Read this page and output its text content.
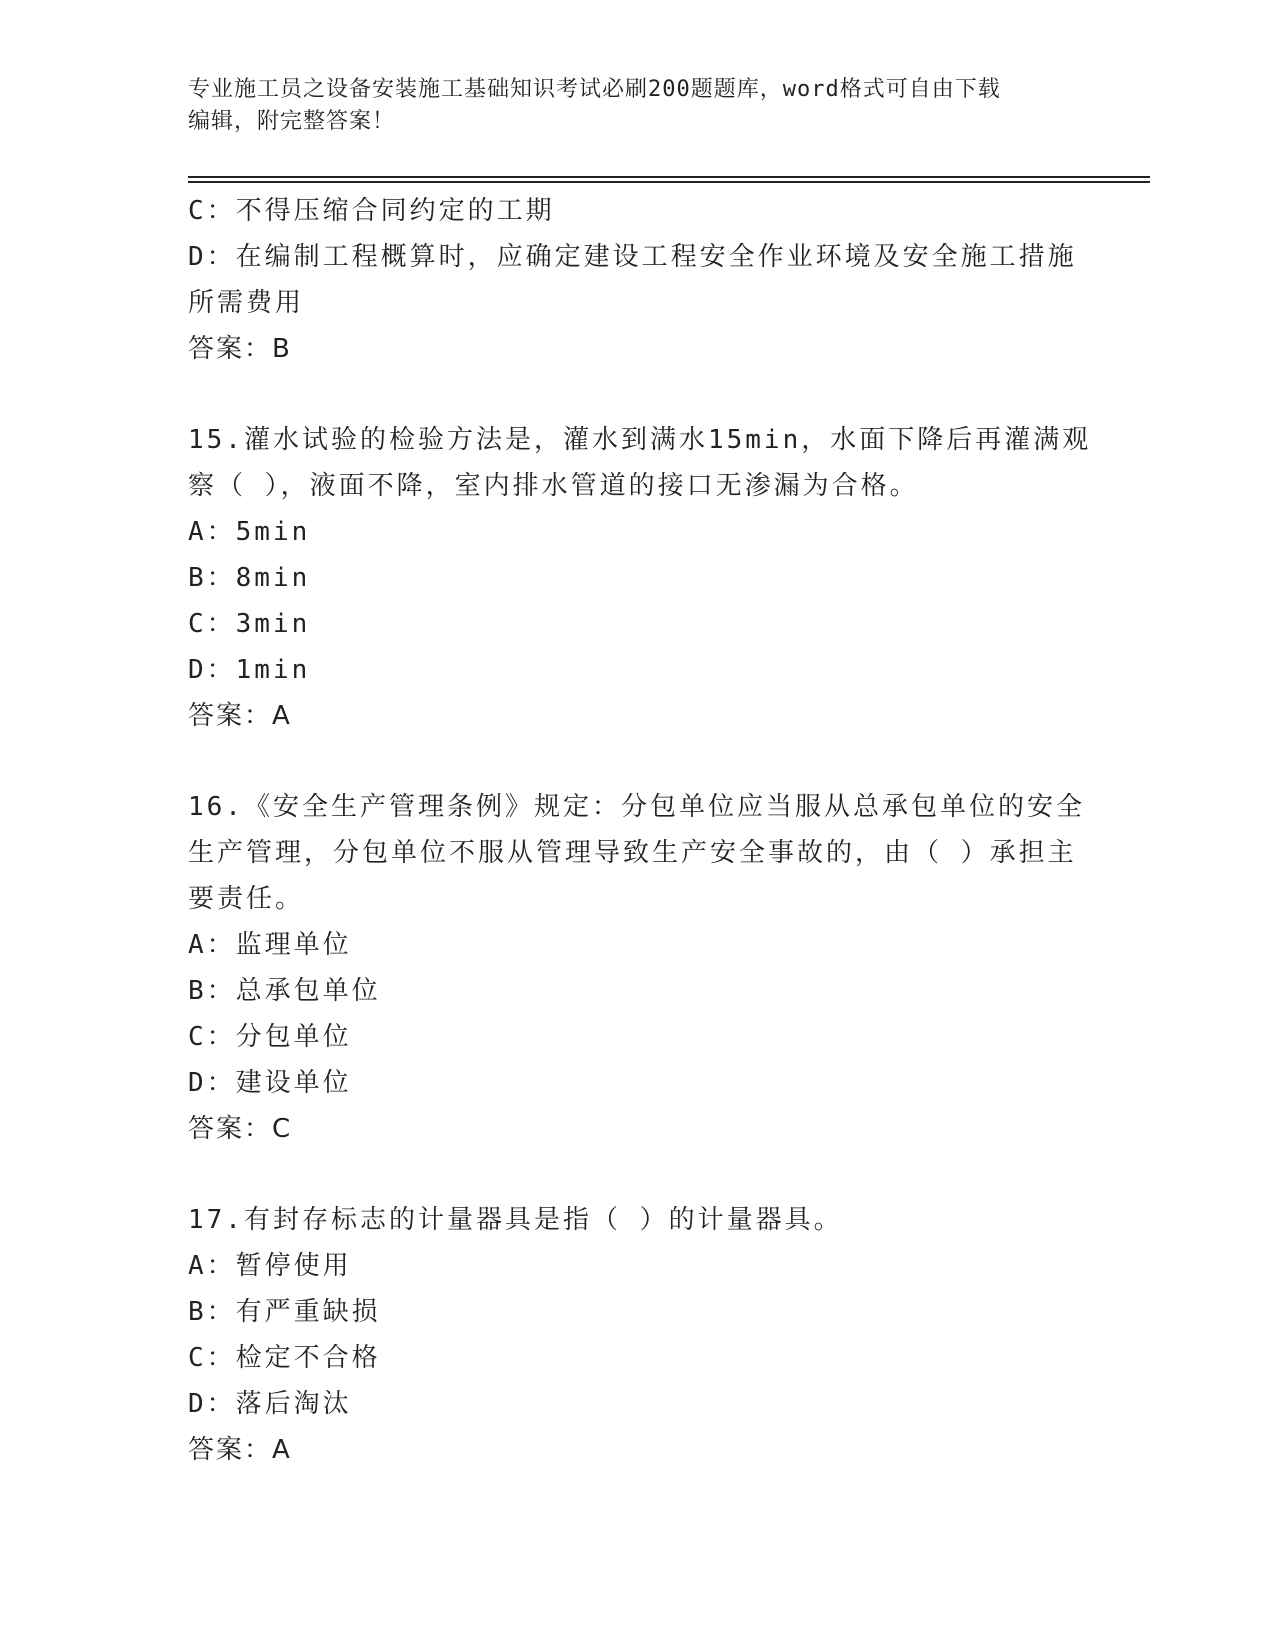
专业施工员之设备安装施工基础知识考试必刷200题题库，word格式可自由下载
编辑，附完整答案！
C：不得压缩合同约定的工期
D：在编制工程概算时，应确定建设工程安全作业环境及安全施工措施
所需费用
答案：B
15.灌水试验的检验方法是，灌水到满水15min，水面下降后再灌满观
察（ ），液面不降，室内排水管道的接口无渗漏为合格。
A：5min
B：8min
C：3min
D：1min
答案：A
16.《安全生产管理条例》规定：分包单位应当服从总承包单位的安全
生产管理，分包单位不服从管理导致生产安全事故的，由（ ）承担主
要责任。
A：监理单位
B：总承包单位
C：分包单位
D：建设单位
答案：C
17.有封存标志的计量器具是指（ ）的计量器具。
A：暂停使用
B：有严重缺损
C：检定不合格
D：落后淘汰
答案：A
